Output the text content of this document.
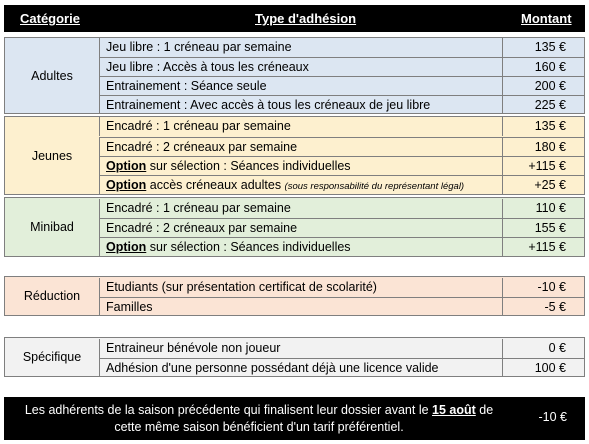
Catégorie	Type d'adhésion	Montant
Adultes
Jeu libre : 1 créneau par semaine	135 €
Jeu libre : Accès à tous les créneaux	160 €
Entrainement : Séance seule	200 €
Entrainement : Avec accès à tous les créneaux de jeu libre	225 €
Jeunes
Encadré : 1 créneau par semaine	135 €
Encadré : 2 créneaux par semaine	180 €
Option sur sélection : Séances individuelles	+115 €
Option accès créneaux adultes (sous responsabilité du représentant légal)	+25 €
Minibad
Encadré : 1 créneau par semaine	110 €
Encadré : 2 créneaux par semaine	155 €
Option sur sélection : Séances individuelles	+115 €
Réduction
Etudiants (sur présentation certificat de scolarité)	-10 €
Familles	-5 €
Spécifique
Entraineur bénévole non joueur	0 €
Adhésion d'une personne possédant déjà une licence valide	100 €
Les adhérents de la saison précédente qui finalisent leur dossier avant le 15 août de
cette même saison bénéficient d'un tarif préférentiel.
-10 €
